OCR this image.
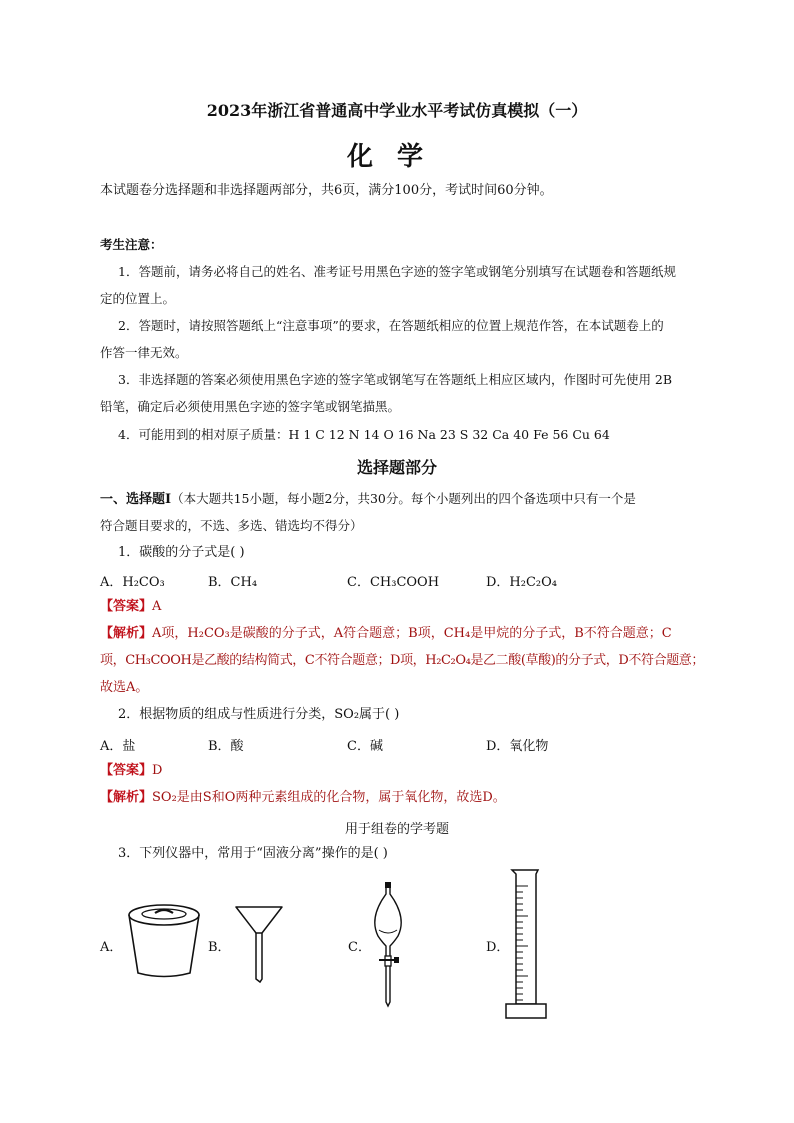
2023年浙江省普通高中学业水平考试仿真模拟（一）
化学
本试题卷分选择题和非选择题两部分，共6页，满分100分，考试时间60分钟。
考生注意：
1．答题前，请务必将自己的姓名、准考证号用黑色字迹的签字笔或钢笔分别填写在试题卷和答题纸规
定的位置上。
2．答题时，请按照答题纸上“注意事项”的要求，在答题纸相应的位置上规范作答，在本试题卷上的
作答一律无效。
3．非选择题的答案必须使用黑色字迹的签字笔或钢笔写在答题纸上相应区域内，作图时可先使用 2B
铅笔，确定后必须使用黑色字迹的签字笔或钢笔描黑。
4．可能用到的相对原子质量：H 1 C 12 N 14 O 16 Na 23 S 32 Ca 40 Fe 56 Cu 64
选择题部分
一、选择题Ⅰ（本大题共15小题，每小题2分，共30分。每个小题列出的四个备选项中只有一个是
符合题目要求的，不选、多选、错选均不得分）
1．碳酸的分子式是( )
A．H₂CO₃	B．CH₄	C．CH₃COOH	D．H₂C₂O₄
【答案】A
【解析】A项，H₂CO₃是碳酸的分子式，A符合题意；B项，CH₄是甲烷的分子式，B不符合题意；C
项，CH₃COOH是乙酸的结构简式，C不符合题意；D项，H₂C₂O₄是乙二酸(草酸)的分子式，D不符合题意；
故选A。
2．根据物质的组成与性质进行分类，SO₂属于( )
A．盐	B．酸	C．碱	D．氧化物
【答案】D
【解析】SO₂是由S和O两种元素组成的化合物，属于氧化物，故选D。
用于组卷的学考题
3．下列仪器中，常用于“固液分离”操作的是( )
A．	B．	C．	D．
